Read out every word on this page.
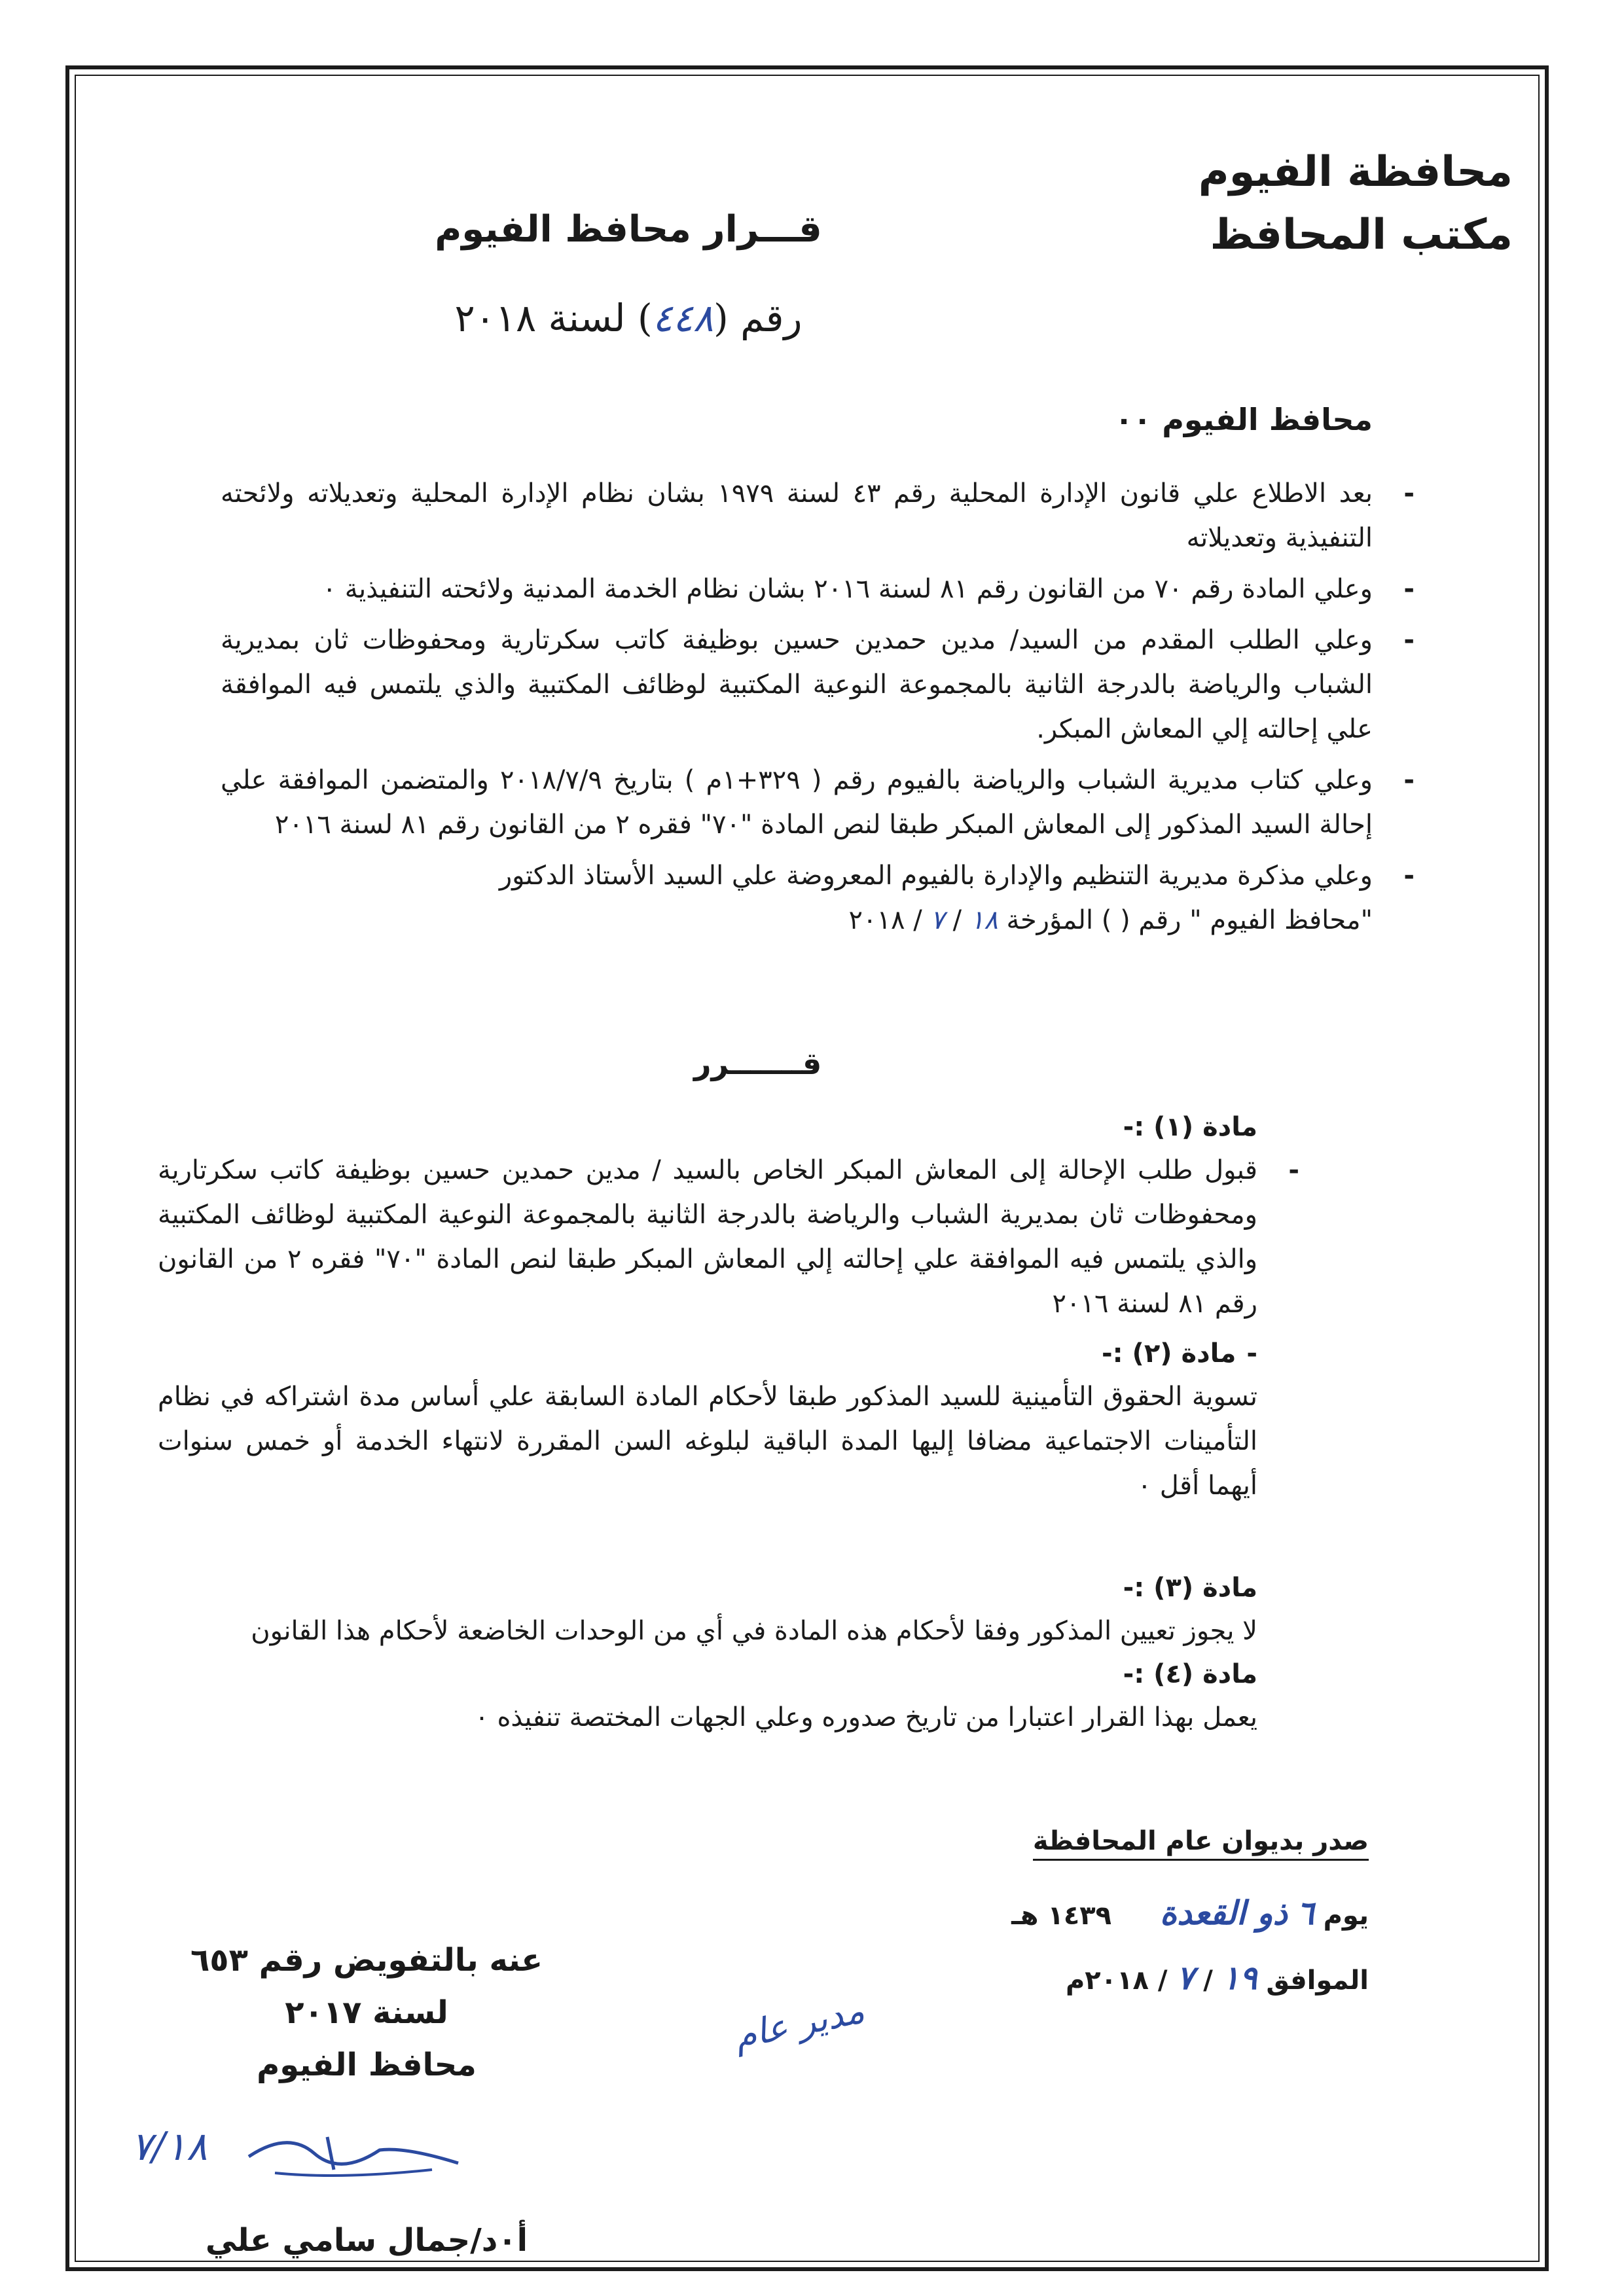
محافظة الفيوم
مكتب المحافظ
قـــرار محافظ الفيوم
رقم (٤٤٨) لسنة ٢٠١٨
محافظ الفيوم ٠٠
-
بعد الاطلاع علي قانون الإدارة المحلية رقم ٤٣ لسنة ١٩٧٩ بشان نظام الإدارة المحلية وتعديلاته ولائحته التنفيذية وتعديلاته
-
وعلي المادة رقم ٧٠ من القانون رقم ٨١ لسنة ٢٠١٦ بشان نظام الخدمة المدنية ولائحته التنفيذية ٠
-
وعلي الطلب المقدم من السيد/ مدين حمدين حسين بوظيفة كاتب سكرتارية ومحفوظات ثان بمديرية الشباب والرياضة بالدرجة الثانية بالمجموعة النوعية المكتبية لوظائف المكتبية والذي يلتمس فيه الموافقة علي إحالته إلي المعاش المبكر.
-
وعلي كتاب مديرية الشباب والرياضة بالفيوم رقم ( ٣٢٩+١م ) بتاريخ ٢٠١٨/٧/٩ والمتضمن الموافقة علي إحالة السيد المذكور إلى المعاش المبكر طبقا لنص المادة "٧٠" فقره ٢ من القانون رقم ٨١ لسنة ٢٠١٦
-
وعلي مذكرة مديرية التنظيم والإدارة بالفيوم المعروضة علي السيد الأستاذ الدكتور
"محافظ الفيوم " رقم ( ) المؤرخة ١٨ / ٧ / ٢٠١٨
قـــــــرر
مادة (١) :-
-
قبول طلب الإحالة إلى المعاش المبكر الخاص بالسيد / مدين حمدين حسين بوظيفة كاتب سكرتارية ومحفوظات ثان بمديرية الشباب والرياضة بالدرجة الثانية بالمجموعة النوعية المكتبية لوظائف المكتبية والذي يلتمس فيه الموافقة علي إحالته إلي المعاش المبكر طبقا لنص المادة "٧٠" فقره ٢ من القانون رقم ٨١ لسنة ٢٠١٦
-مادة (٢) :-
تسوية الحقوق التأمينية للسيد المذكور طبقا لأحكام المادة السابقة علي أساس مدة اشتراكه في نظام التأمينات الاجتماعية مضافا إليها المدة الباقية لبلوغه السن المقررة لانتهاء الخدمة أو خمس سنوات أيهما أقل ٠
مادة (٣) :-
لا يجوز تعيين المذكور وفقا لأحكام هذه المادة في أي من الوحدات الخاضعة لأحكام هذا القانون
مادة (٤) :-
يعمل بهذا القرار اعتبارا من تاريخ صدوره وعلي الجهات المختصة تنفيذه ٠
صدر بديوان عام المحافظة
يوم ٦ ذو القعدة ١٤٣٩ هـ
الموافق ١٩ / ٧ / ٢٠١٨م
مدير عام
عنه بالتفويض رقم ٦٥٣ لسنة ٢٠١٧
محافظ الفيوم
٧/١٨
أ٠د/جمال سامي علي
